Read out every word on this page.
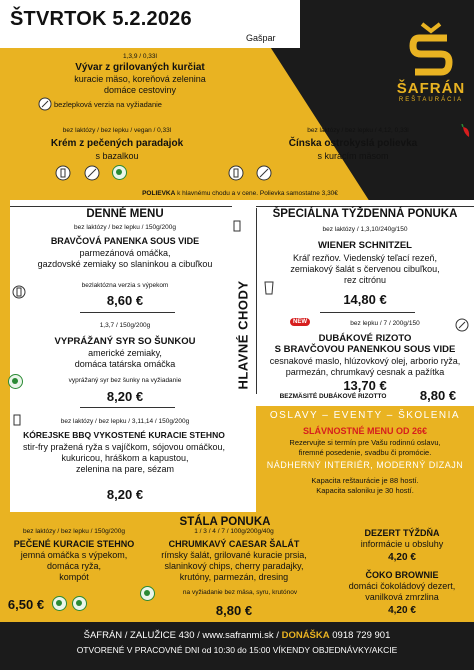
ŠTVRTOK 5.2.2026
Gašpar
ŠAFRÁN
REŠTAURÁCIA
1,3,9 / 0,33l
Vývar z grilovaných kurčiat
kuracie mäso, koreňová zelenina
domáce cestoviny
bezlepková verzia na vyžiadanie
bez laktózy / bez lepku / vegan / 0,33l
Krém z pečených paradajok
s bazalkou
bez laktózy / bez lepku / 4,12, 0,33l
Čínska ostrokyslá polievka
s kuracím mäsom
POLIEVKA k hlavnému chodu a v cene. Polievka samostatne 3,30€
DENNÉ MENU
bez laktózy / bez lepku / 150g/200g
BRAVČOVÁ PANENKA SOUS VIDE
parmezánová omáčka,
gazdovské zemiaky so slaninkou a cibuľkou
bezlaktózna verzia s výpekom
8,60 €
1,3,7 / 150g/200g
VYPRÁŽANÝ SYR SO ŠUNKOU
americké zemiaky,
domáca tatárska omáčka
vyprážaný syr bez šunky na vyžiadanie
8,20 €
bez laktózy / bez lepku / 3,11,14 / 150g/200g
KÓREJSKE BBQ VYKOSTENÉ KURACIE STEHNO
stir-fry pražená ryža s vajíčkom, sójovou omáčkou,
kukuricou, hráškom a kapustou,
zelenina na pare, sézam
8,20 €
HLAVNÉ CHODY
ŠPECIÁLNA TÝŽDENNÁ PONUKA
bez laktózy / 1,3,10/240g/150
WIENER SCHNITZEL
Kráľ rezňov. Viedenský teľací rezeň,
zemiakový šalát s červenou cibuľkou,
rez citrónu
14,80 €
NEW	bez lepku / 7 / 200g/150
DUBÁKOVÉ RIZOTO
S BRAVČOVOU PANENKOU SOUS VIDE
cesnakové maslo, hlúzovkový olej, arborio ryža,
parmezán, chrumkavý cesnak a pažítka
13,70 €
BEZMÄSITÉ DUBÁKOVÉ RIZOTTO	8,80 €
OSLAVY – EVENTY – ŠKOLENIA
SLÁVNOSTNÉ MENU OD 26€
Rezervujte si termín pre Vašu rodinnú oslavu,
firemné posedenie, svadbu či promócie.
NÁDHERNÝ INTERIÉR, MODERNÝ DIZAJN
Kapacita reštaurácie je 88 hostí.
Kapacita saloniku je 30 hostí.
STÁLA PONUKA
bez laktózy / bez lepku / 150g/200g
PEČENÉ KURACIE STEHNO
jemná omáčka s výpekom,
domáca ryža,
kompót
6,50 €
1 / 3 / 4 / 7 / 100g/200g/40g
CHRUMKAVÝ CAESAR ŠALÁT
rímsky šalát, grilované kuracie prsia,
slaninkový chips, cherry paradajky,
krutóny, parmezán, dresing
na vyžiadanie bez mäsa, syru, krutónov
8,80 €
DEZERT TÝŽDŇA
informácie u obsluhy
4,20 €
ČOKO BROWNIE
domáci čokoládový dezert,
vanilková zmrzlina
4,20 €
ŠAFRÁN / ZALUŽICE 430 / www.safranmi.sk / DONÁŠKA 0918 729 901
OTVORENÉ V PRACOVNÉ DNI od 10:30 do 15:00 VÍKENDY OBJEDNÁVKY/AKCIE
